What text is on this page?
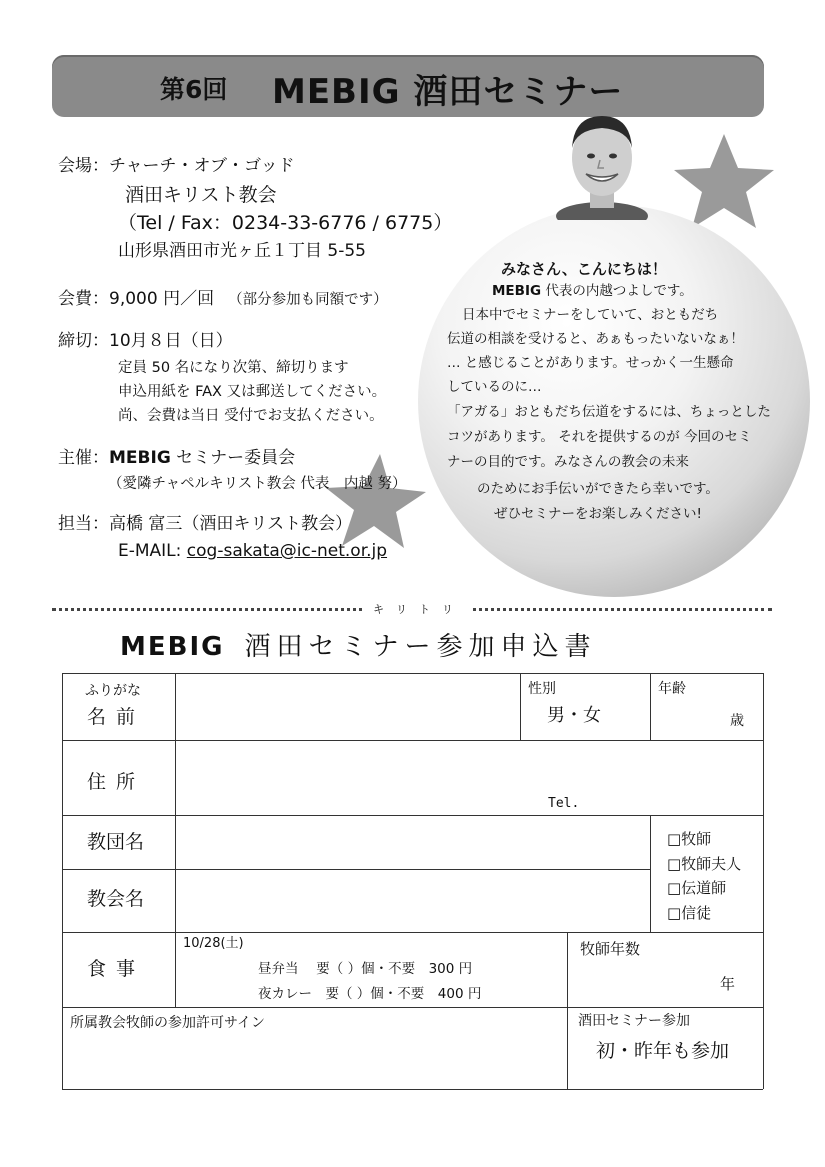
第6回 MEBIG 酒田セミナー
みなさん、こんにちは！
MEBIG 代表の内越つよしです。
日本中でセミナーをしていて、おともだち
伝道の相談を受けると、あぁもったいないなぁ！
… と感じることがあります。せっかく一生懸命
しているのに…
「アガる」おともだち伝道をするには、ちょっとした
コツがあります。 それを提供するのが 今回のセミ
ナーの目的です。みなさんの教会の未来
のためにお手伝いができたら幸いです。
ぜひセミナーをお楽しみください!
会場：チャーチ・オブ・ゴッド
酒田キリスト教会
（Tel / Fax：0234-33-6776 / 6775）
山形県酒田市光ヶ丘１丁目 5-55
会費：9,000 円／回 （部分参加も同額です）
締切：10月８日（日）
定員 50 名になり次第、締切ります
申込用紙を FAX 又は郵送してください。
尚、会費は当日 受付でお支払ください。
主催：MEBIG セミナー委員会
（愛隣チャペルキリスト教会 代表　内越 努）
担当：高橋 富三（酒田キリスト教会）
E-MAIL: cog-sakata@ic-net.or.jp
キリトリ
MEBIG 酒田セミナー参加申込書
ふりがな
名前
性別
男・女
年齢
歳
住所
Tel.
教団名
教会名
□牧師
□牧師夫人
□伝道師
□信徒
食事
10/28(土)
昼弁当　 要（ ）個・不要　300 円
夜カレー　要（ ）個・不要　400 円
牧師年数
年
所属教会牧師の参加許可サイン	酒田セミナー参加
初・昨年も参加
